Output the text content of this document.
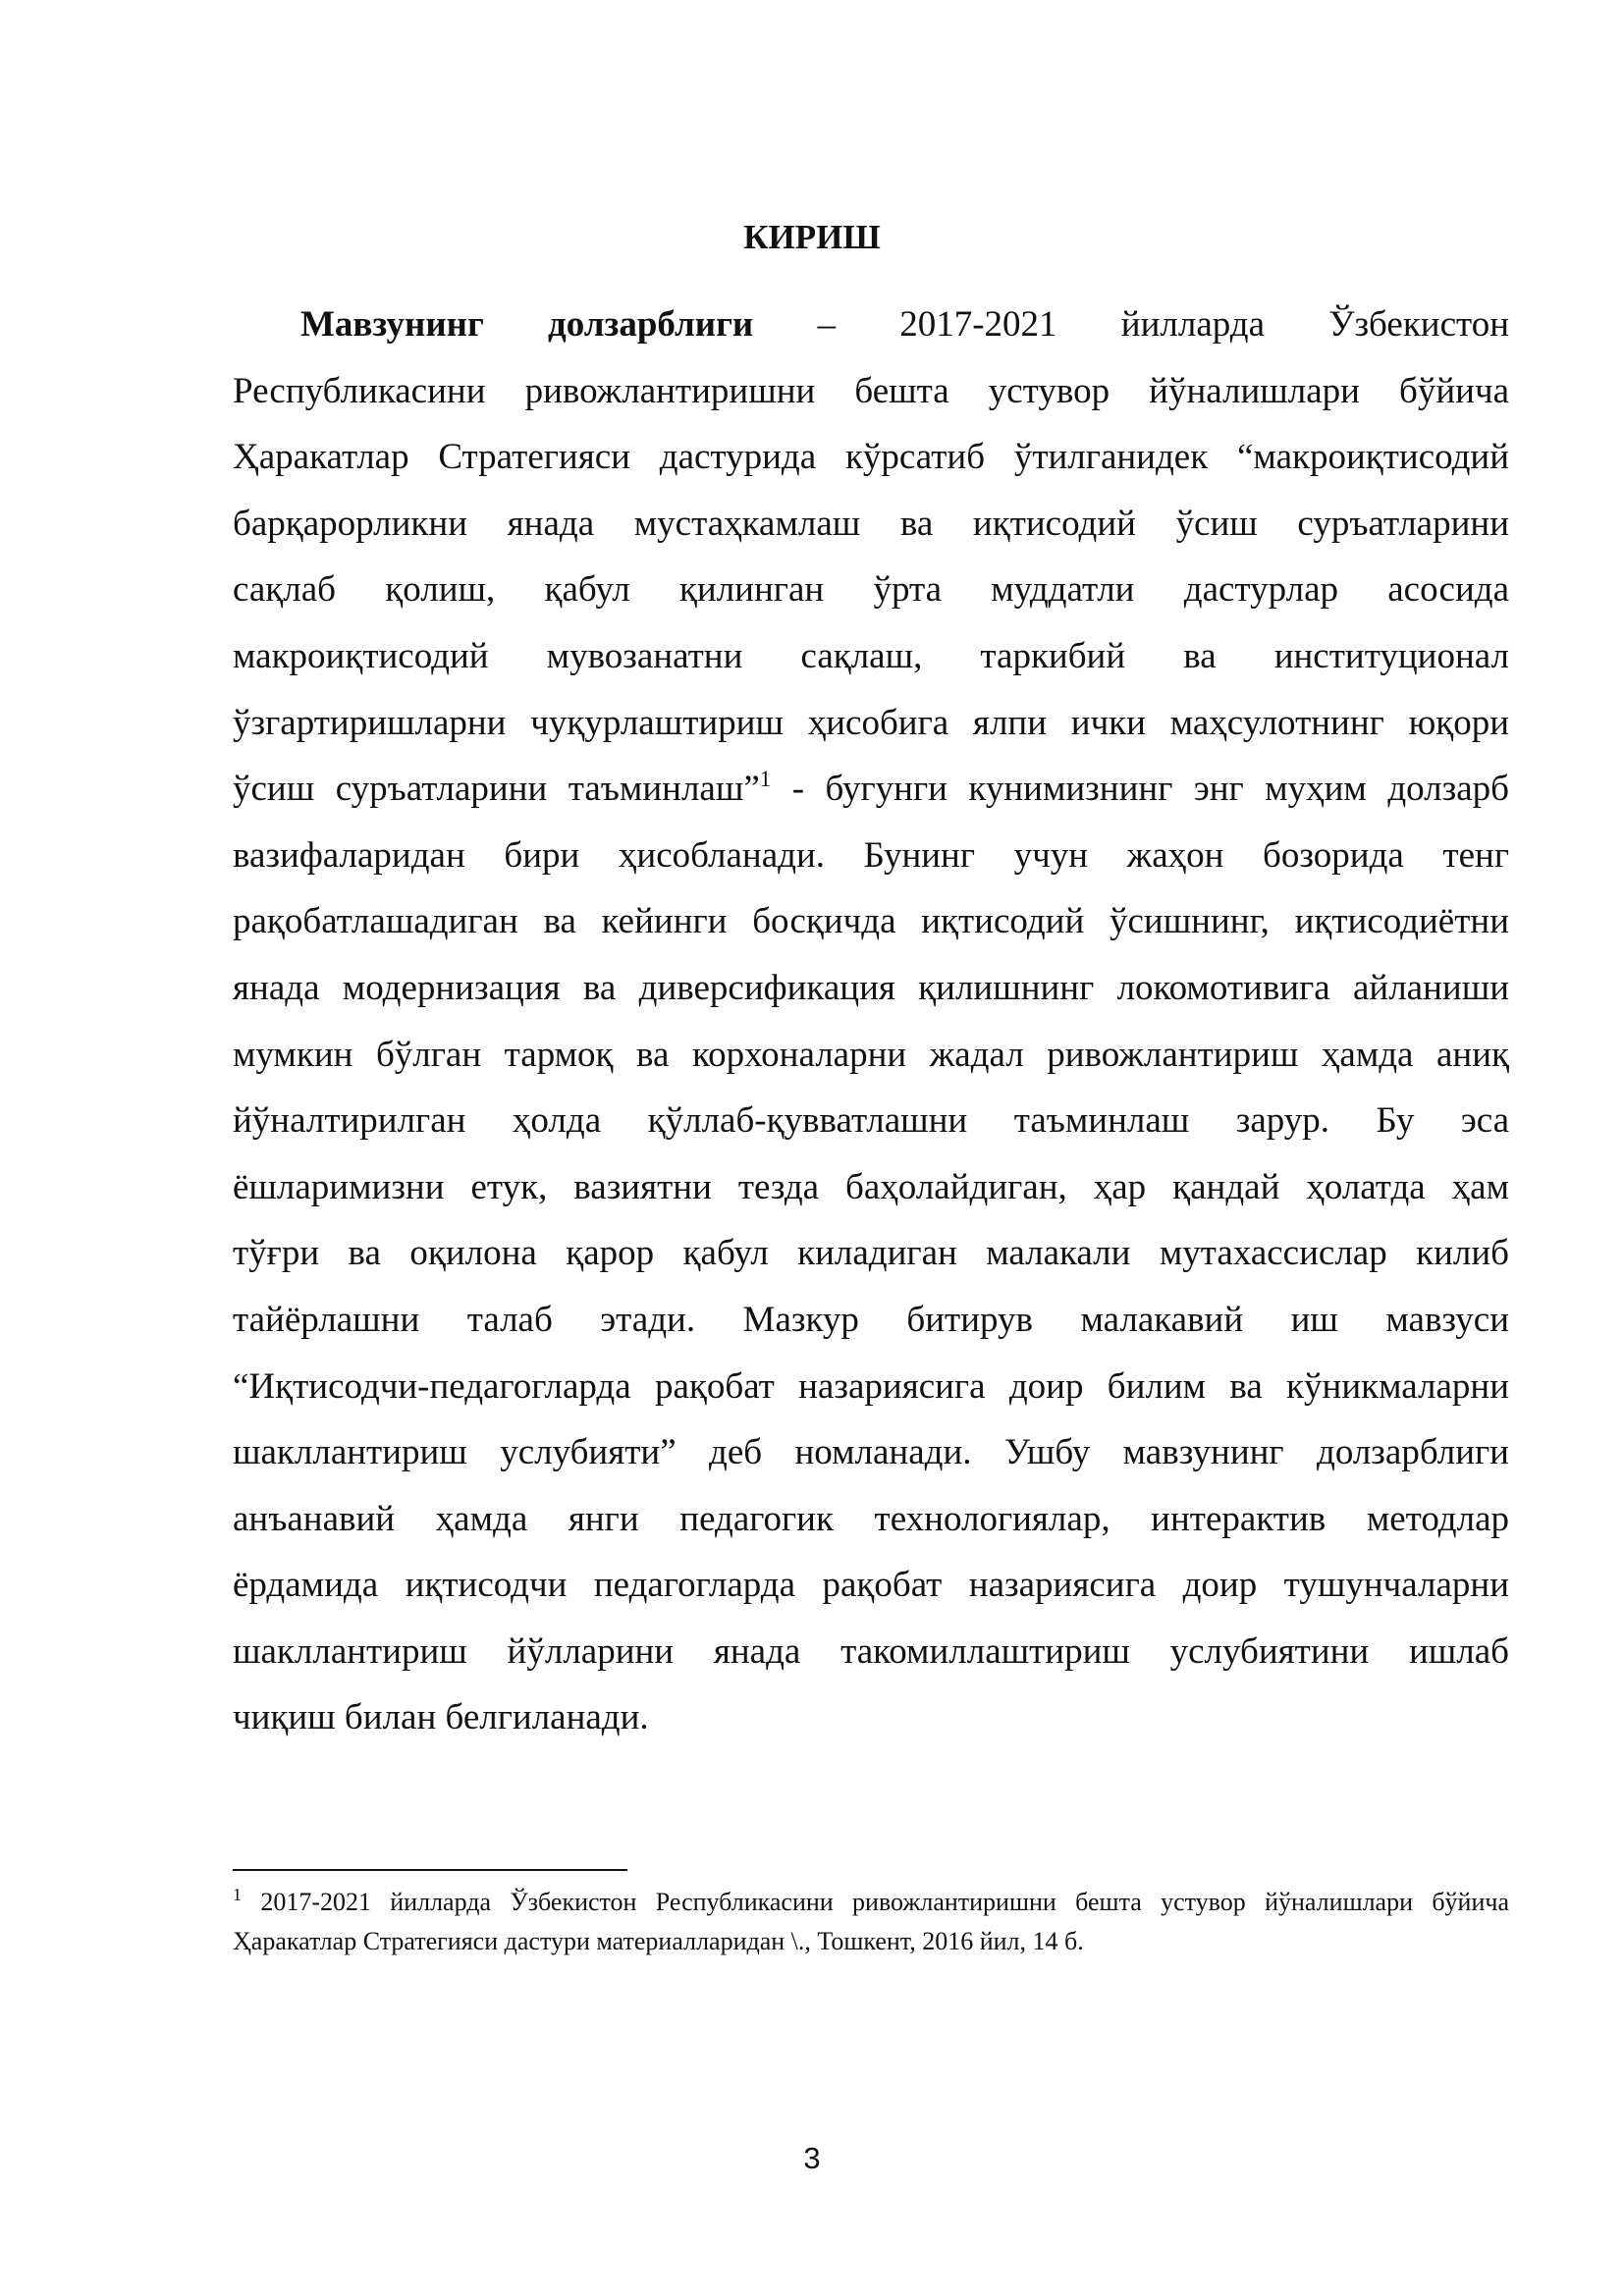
КИРИШ
Мавзунинг долзарблиги – 2017-2021 йилларда Ўзбекистон
Республикасини ривожлантиришни бешта устувор йўналишлари бўйича
Ҳаракатлар Стратегияси дастурида кўрсатиб ўтилганидек “макроиқтисодий
барқарорликни янада мустаҳкамлаш ва иқтисодий ўсиш суръатларини
сақлаб қолиш, қабул қилинган ўрта муддатли дастурлар асосида
макроиқтисодий мувозанатни сақлаш, таркибий ва институционал
ўзгартиришларни чуқурлаштириш ҳисобига ялпи ички маҳсулотнинг юқори
ўсиш суръатларини таъминлаш”$^1$ - бугунги кунимизнинг энг муҳим долзарб
вазифаларидан бири ҳисобланади. Бунинг учун жаҳон бозорида тенг
рақобатлашадиган ва кейинги босқичда иқтисодий ўсишнинг, иқтисодиётни
янада модернизация ва диверсификация қилишнинг локомотивига айланиши
мумкин бўлган тармоқ ва корхоналарни жадал ривожлантириш ҳамда аниқ
йўналтирилган ҳолда қўллаб-қувватлашни таъминлаш зарур. Бу эса
ёшларимизни етук, вазиятни тезда баҳолайдиган, ҳар қандай ҳолатда ҳам
тўғри ва оқилона қарор қабул киладиган малакали мутахассислар килиб
тайёрлашни талаб этади. Мазкур битирув малакавий иш мавзуси
“Иқтисодчи-педагогларда рақобат назариясига доир билим ва кўникмаларни
шакллантириш услубияти” деб номланади. Ушбу мавзунинг долзарблиги
анъанавий ҳамда янги педагогик технологиялар, интерактив методлар
ёрдамида иқтисодчи педагогларда рақобат назариясига доир тушунчаларни
шакллантириш йўлларини янада такомиллаштириш услубиятини ишлаб
чиқиш билан белгиланади.
$^1$ 2017-2021 йилларда Ўзбекистон Республикасини ривожлантиришни бешта устувор йўналишлари бўйича
Ҳаракатлар Стратегияси дастури материалларидан \., Тошкент, 2016 йил, 14 б.
3
